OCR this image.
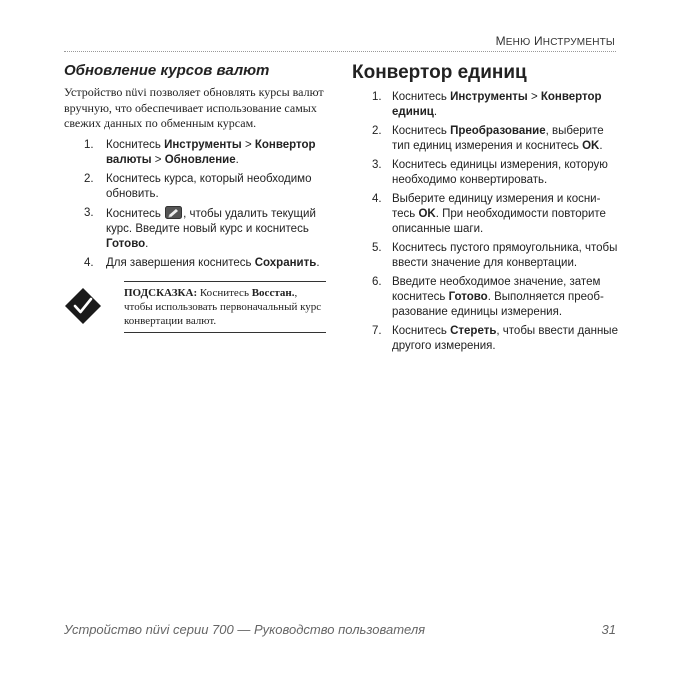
МЕНЮ ИНСТРУМЕНТЫ
Обновление курсов валют

Устройство nüvi позволяет обновлять курсы валют вручную, что обеспечивает использование самых свежих данных по обменным курсам.

1. Коснитесь Инструменты > Конвертор валюты > Обновление.
2. Коснитесь курса, который необходимо обновить.
3. Коснитесь , чтобы удалить текущий курс. Введите новый курс и коснитесь Готово.
4. Для завершения коснитесь Сохранить.
ПОДСКАЗКА: Коснитесь Восстан., чтобы использовать первоначальный курс конвертации валют.
Конвертор единиц
1. Коснитесь Инструменты > Конвертор единиц.
2. Коснитесь Преобразование, выберите тип единиц измерения и коснитесь OK.
3. Коснитесь единицы измерения, которую необходимо конвертировать.
4. Выберите единицу измерения и косни-тесь OK. При необходимости повторите описанные шаги.
5. Коснитесь пустого прямоугольника, чтобы ввести значение для конвертации.
6. Введите необходимое значение, затем коснитесь Готово. Выполняется преоб-разование единицы измерения.
7. Коснитесь Стереть, чтобы ввести данные другого измерения.
Устройство nüvi серии 700 — Руководство пользователя	31
